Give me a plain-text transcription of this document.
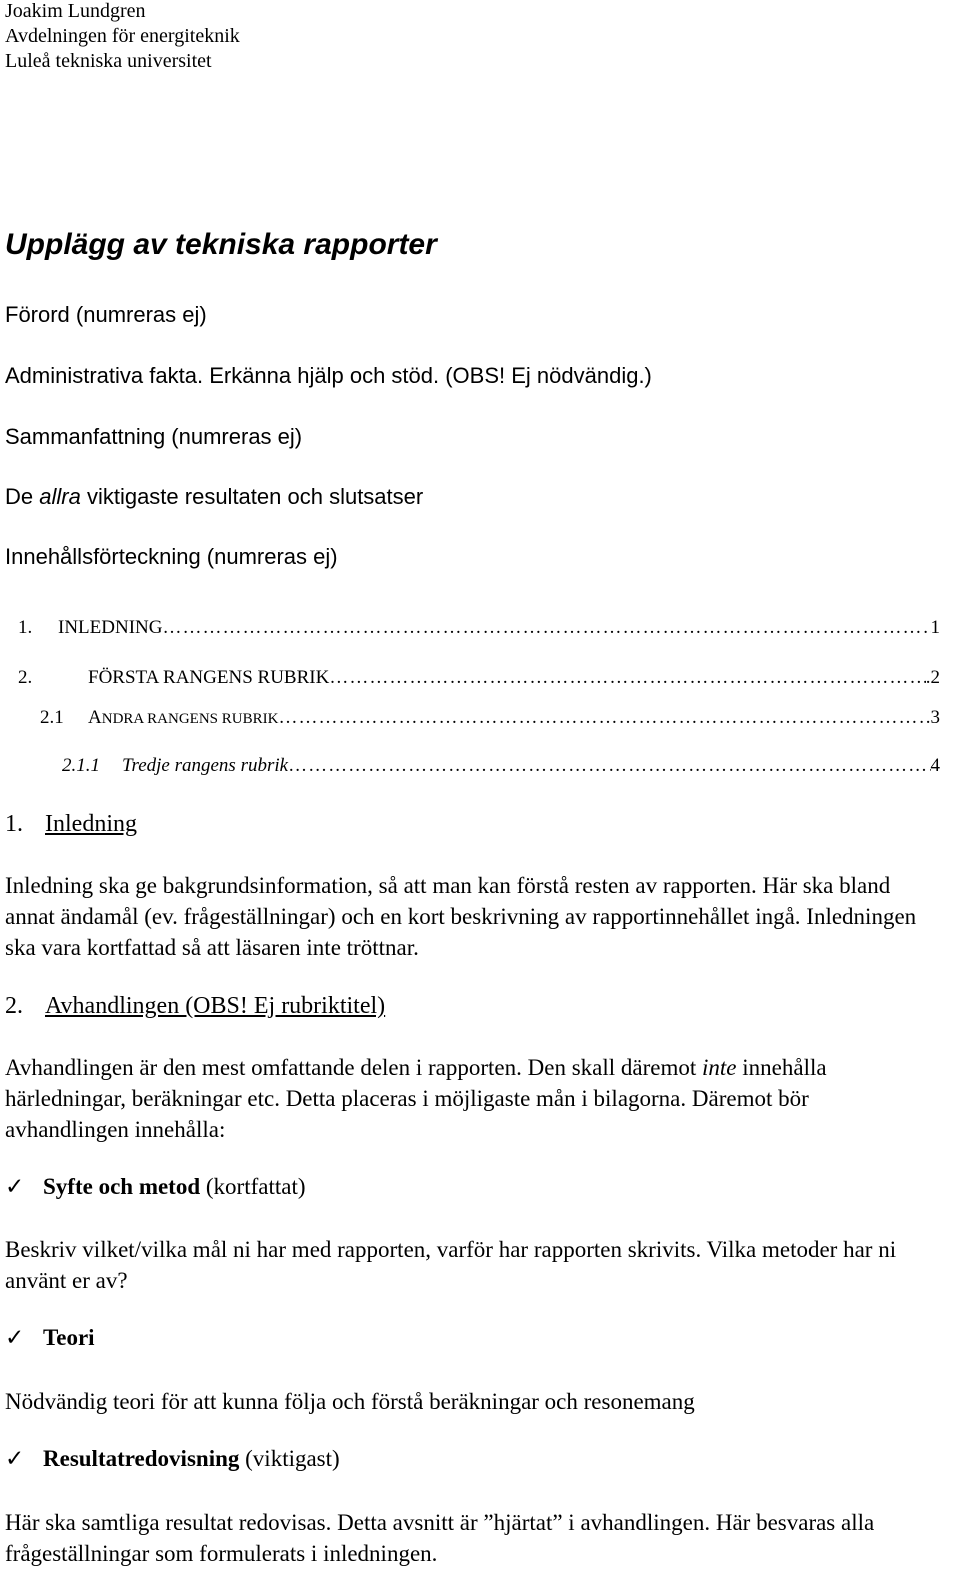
Joakim Lundgren
Avdelningen för energiteknik
Luleå tekniska universitet
Upplägg av tekniska rapporter
Förord (numreras ej)
Administrativa fakta. Erkänna hjälp och stöd. (OBS! Ej nödvändig.)
Sammanfattning (numreras ej)
De allra viktigaste resultaten och slutsatser
Innehållsförteckning (numreras ej)
1.	INLEDNING …………………………………………………………………………………………………………………………………………	1
2.	FÖRSTA RANGENS RUBRIK …………………………………………………………………………………………………………………………………………	.2
2.1	ANDRA RANGENS RUBRIK …………………………………………………………………………………………………………………………………………	.3
2.1.1	Tredje rangens rubrik …………………………………………………………………………………………………………………………………………	4
1. Inledning
Inledning ska ge bakgrundsinformation, så att man kan förstå resten av rapporten. Här ska bland annat ändamål (ev. frågeställningar) och en kort beskrivning av rapportinnehållet ingå. Inledningen ska vara kortfattad så att läsaren inte tröttnar.
2. Avhandlingen (OBS! Ej rubriktitel)
Avhandlingen är den mest omfattande delen i rapporten. Den skall däremot inte innehålla härledningar, beräkningar etc. Detta placeras i möjligaste mån i bilagorna. Däremot bör avhandlingen innehålla:
✓ Syfte och metod (kortfattat)
Beskriv vilket/vilka mål ni har med rapporten, varför har rapporten skrivits. Vilka metoder har ni använt er av?
✓ Teori
Nödvändig teori för att kunna följa och förstå beräkningar och resonemang
✓ Resultatredovisning (viktigast)
Här ska samtliga resultat redovisas. Detta avsnitt är ”hjärtat” i avhandlingen. Här besvaras alla frågeställningar som formulerats i inledningen.
